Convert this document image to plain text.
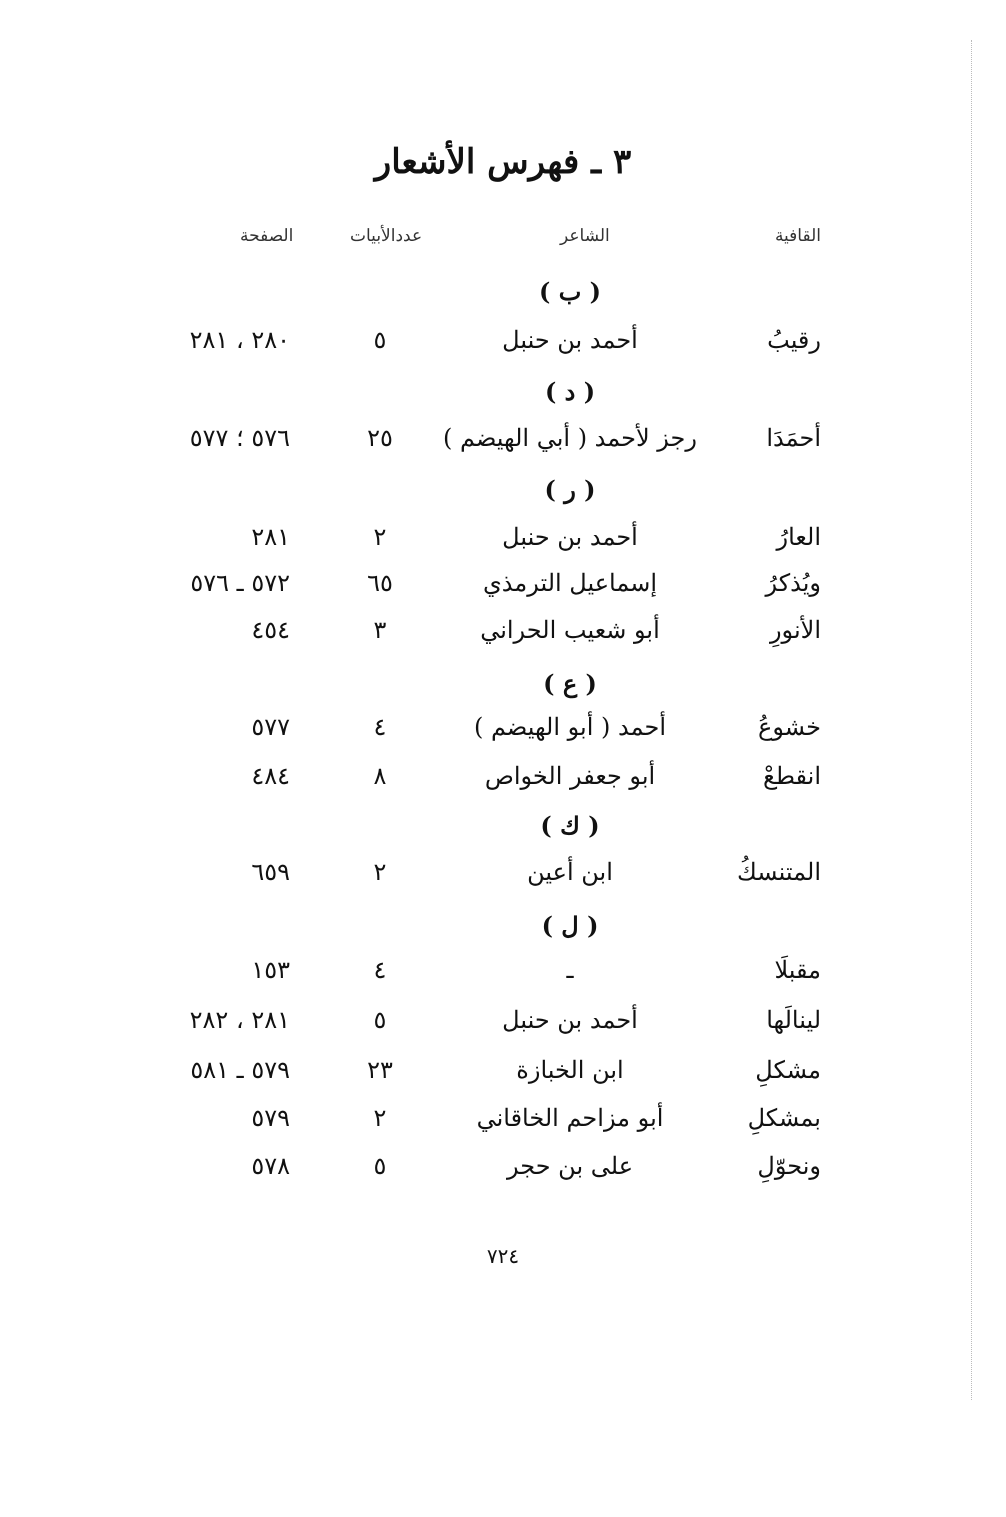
٣ ـ فهرس الأشعار
القافية
الشاعر
عددالأبيات
الصفحة
( ب )
رقيبُ
أحمد بن حنبل
٥
٢٨٠ ، ٢٨١
( د )
أحمَدَا
رجز لأحمد ( أبي الهيضم )
٢٥
٥٧٦ ؛ ٥٧٧
( ر )
العارُ
أحمد بن حنبل
٢
٢٨١
ويُذكرُ
إسماعيل الترمذي
٦٥
٥٧٢ ـ ٥٧٦
الأنورِ
أبو شعيب الحراني
٣
٤٥٤
( ع )
خشوعُ
أحمد ( أبو الهيضم )
٤
٥٧٧
انقطعْ
أبو جعفر الخواص
٨
٤٨٤
( ك )
المتنسكُ
ابن أعين
٢
٦٥٩
( ل )
مقبلَا
ـ
٤
١٥٣
لينالَها
أحمد بن حنبل
٥
٢٨١ ، ٢٨٢
مشكلِ
ابن الخبازة
٢٣
٥٧٩ ـ ٥٨١
بمشكلِ
أبو مزاحم الخاقاني
٢
٥٧٩
ونحوّلِ
على بن حجر
٥
٥٧٨
٧٢٤
